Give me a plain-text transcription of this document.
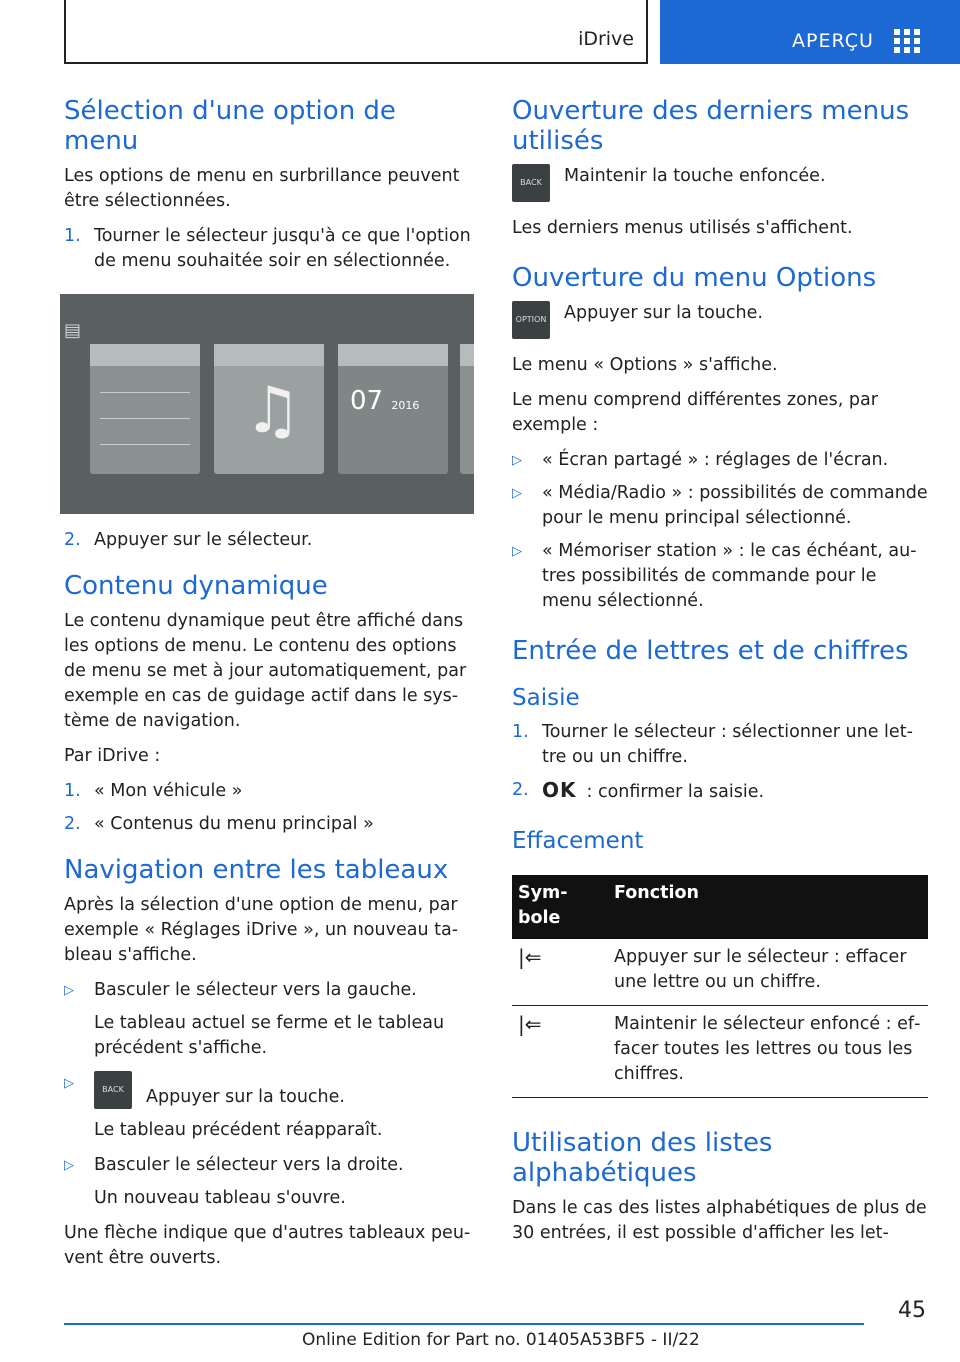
iDrive	APERÇU
Sélection d'une option de menu

Les options de menu en surbrillance peuvent être sélectionnées.

1. Tourner le sélecteur jusqu'à ce que l'option de menu souhaitée soir en sélectionnée.
▤
♫ 07 2016
2. Appuyer sur le sélecteur.
Contenu dynamique

Le contenu dynamique peut être affiché dans les options de menu. Le contenu des options de menu se met à jour automatiquement, par exemple en cas de guidage actif dans le système de navigation.

Par iDrive :

1. « Mon véhicule »
2. « Contenus du menu principal »
Navigation entre les tableaux

Après la sélection d'une option de menu, par exemple « Réglages iDrive », un nouveau tableau s'affiche.

▷	Basculer le sélecteur vers la gauche.
Le tableau actuel se ferme et le tableau précédent s'affiche.
▷	BACK	Appuyer sur la touche.
Le tableau précédent réapparaît.
▷	Basculer le sélecteur vers la droite.
Un nouveau tableau s'ouvre.

Une flèche indique que d'autres tableaux peuvent être ouverts.

Ouverture des derniers menus utilisés
BACK	Maintenir la touche enfoncée.

Les derniers menus utilisés s'affichent.

Ouverture du menu Options
OPTION Appuyer sur la touche.

Le menu « Options » s'affiche.

Le menu comprend différentes zones, par exemple :

▷	« Écran partagé » : réglages de l'écran.
▷	« Média/Radio » : possibilités de commande pour le menu principal sélectionné.
▷	« Mémoriser station » : le cas échéant, autres possibilités de commande pour le menu sélectionné.
Entrée de lettres et de chiffres
Saisie
1. Tourner le sélecteur : sélectionner une lettre ou un chiffre.
2. OK : confirmer la saisie.
Effacement
Symbole	Fonction
|⇐	Appuyer sur le sélecteur : effacer une lettre ou un chiffre.
|⇐	Maintenir le sélecteur enfoncé : effacer toutes les lettres ou tous les chiffres.
Utilisation des listes alphabétiques

Dans le cas des listes alphabétiques de plus de 30 entrées, il est possible d'afficher les let-

45
Online Edition for Part no. 01405A53BF5 - II/22
